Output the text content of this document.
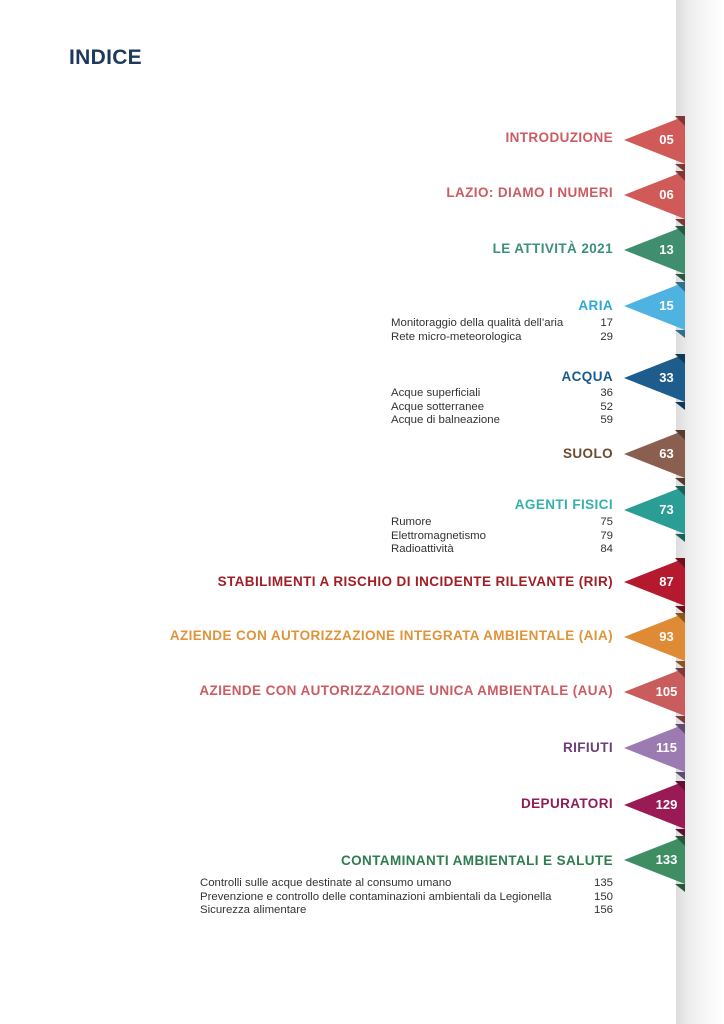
INDICE
INTRODUZIONE	05
LAZIO: DIAMO I NUMERI	06
LE ATTIVITÀ 2021	13
ARIA	15
Monitoraggio della qualità dell’aria	17
Rete micro-meteorologica	29
ACQUA	33
Acque superficiali	36
Acque sotterranee	52
Acque di balneazione	59
SUOLO	63
AGENTI FISICI	73
Rumore	75
Elettromagnetismo	79
Radioattività	84
STABILIMENTI A RISCHIO DI INCIDENTE RILEVANTE (RIR)	87
AZIENDE CON AUTORIZZAZIONE INTEGRATA AMBIENTALE (AIA)	93
AZIENDE CON AUTORIZZAZIONE UNICA AMBIENTALE (AUA)	105
RIFIUTI	115
DEPURATORI	129
CONTAMINANTI AMBIENTALI E SALUTE	133
Controlli sulle acque destinate al consumo umano	135
Prevenzione e controllo delle contaminazioni ambientali da Legionella	150
Sicurezza alimentare	156
